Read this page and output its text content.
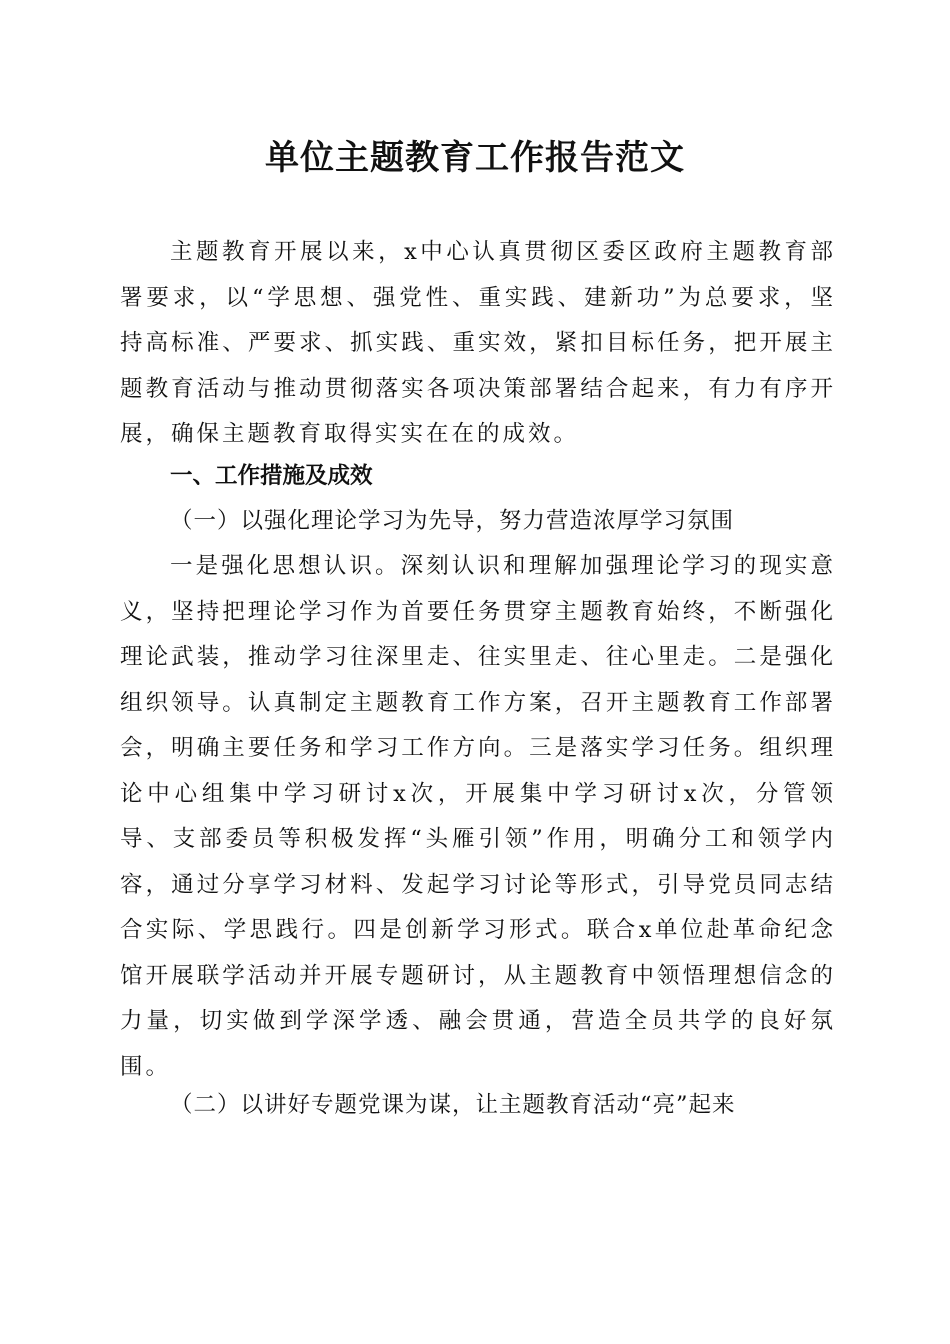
单位主题教育工作报告范文
主题教育开展以来，x中心认真贯彻区委区政府主题教育部署要求，以“学思想、强党性、重实践、建新功”为总要求，坚持高标准、严要求、抓实践、重实效，紧扣目标任务，把开展主题教育活动与推动贯彻落实各项决策部署结合起来，有力有序开展，确保主题教育取得实实在在的成效。
一、工作措施及成效
（一）以强化理论学习为先导，努力营造浓厚学习氛围
一是强化思想认识。深刻认识和理解加强理论学习的现实意义，坚持把理论学习作为首要任务贯穿主题教育始终，不断强化理论武装，推动学习往深里走、往实里走、往心里走。二是强化组织领导。认真制定主题教育工作方案，召开主题教育工作部署会，明确主要任务和学习工作方向。三是落实学习任务。组织理论中心组集中学习研讨x次，开展集中学习研讨x次，分管领导、支部委员等积极发挥“头雁引领”作用，明确分工和领学内容，通过分享学习材料、发起学习讨论等形式，引导党员同志结合实际、学思践行。四是创新学习形式。联合x单位赴革命纪念馆开展联学活动并开展专题研讨，从主题教育中领悟理想信念的力量，切实做到学深学透、融会贯通，营造全员共学的良好氛围。
（二）以讲好专题党课为谋，让主题教育活动“亮”起来
